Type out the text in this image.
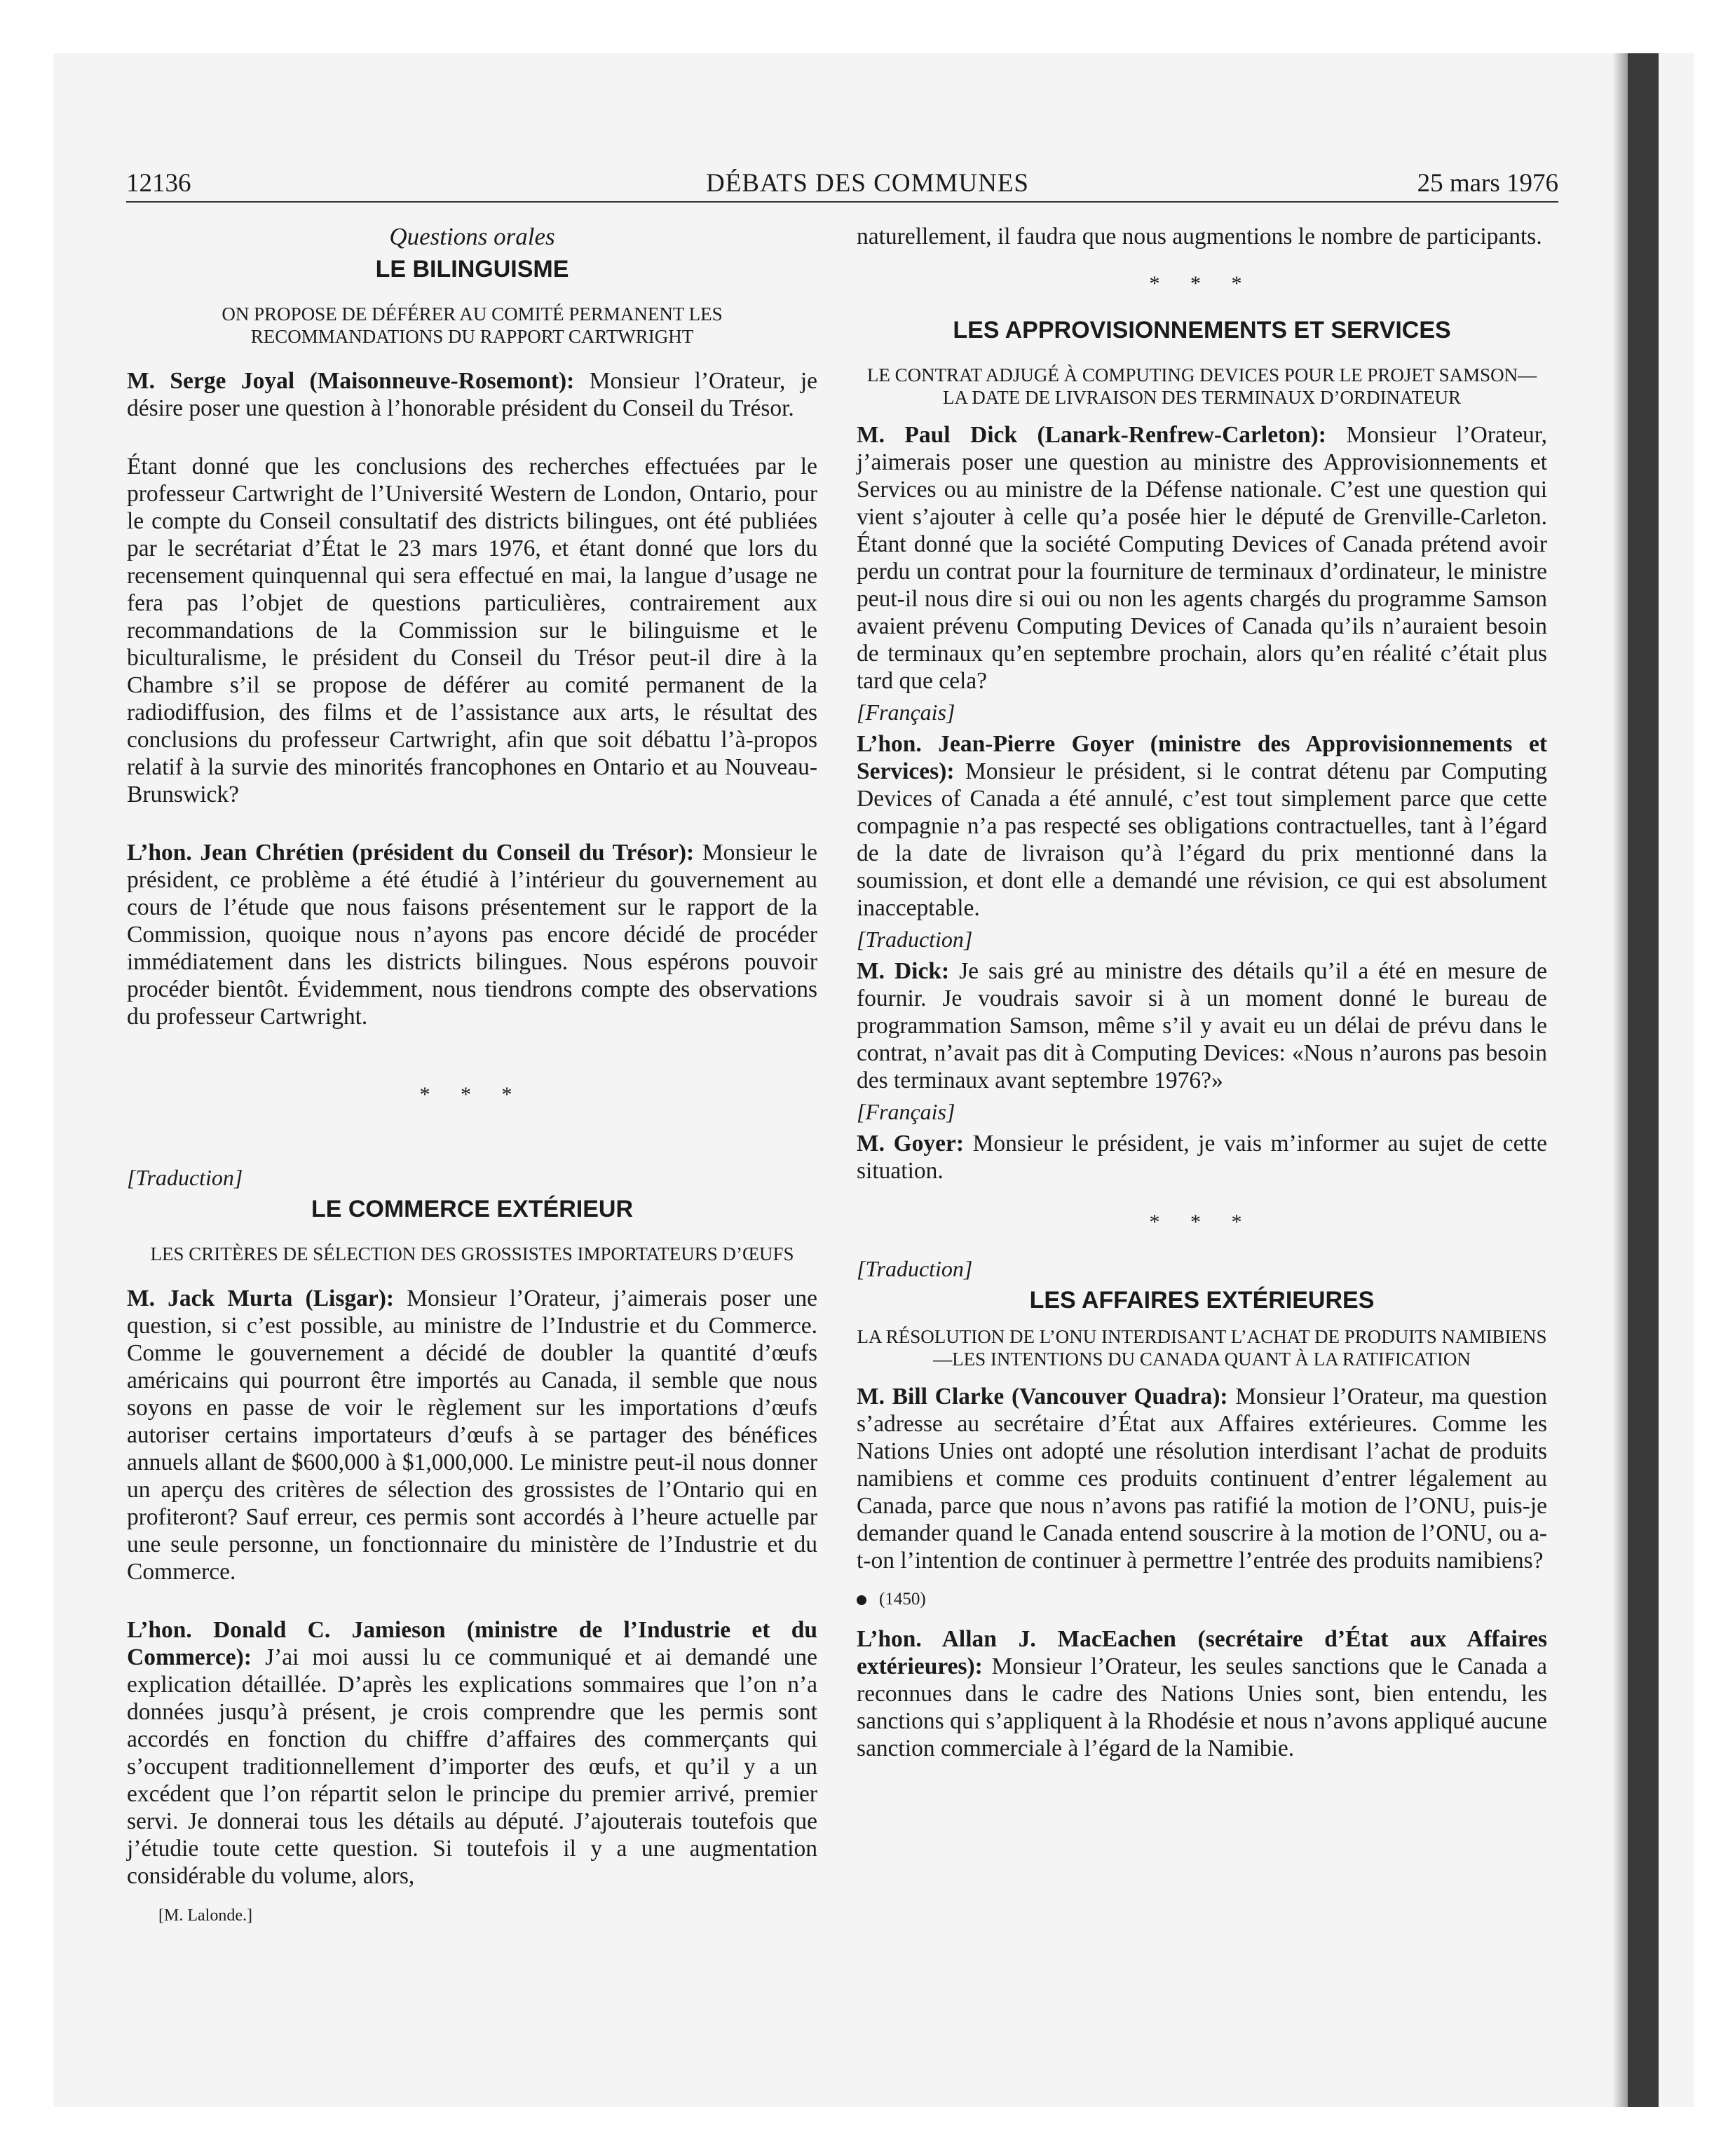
12136	DÉBATS DES COMMUNES	25 mars 1976

Questions orales

LE BILINGUISME

ON PROPOSE DE DÉFÉRER AU COMITÉ PERMANENT LES RECOMMANDATIONS DU RAPPORT CARTWRIGHT

M. Serge Joyal (Maisonneuve-Rosemont): Monsieur l’Orateur, je désire poser une question à l’honorable président du Conseil du Trésor.

Étant donné que les conclusions des recherches effectuées par le professeur Cartwright de l’Université Western de London, Ontario, pour le compte du Conseil consultatif des districts bilingues, ont été publiées par le secrétariat d’État le 23 mars 1976, et étant donné que lors du recensement quinquennal qui sera effectué en mai, la langue d’usage ne fera pas l’objet de questions particulières, contrairement aux recommandations de la Commission sur le bilinguisme et le biculturalisme, le président du Conseil du Trésor peut-il dire à la Chambre s’il se propose de déférer au comité permanent de la radiodiffusion, des films et de l’assistance aux arts, le résultat des conclusions du professeur Cartwright, afin que soit débattu l’à-propos relatif à la survie des minorités francophones en Ontario et au Nouveau-Brunswick?

L’hon. Jean Chrétien (président du Conseil du Trésor): Monsieur le président, ce problème a été étudié à l’intérieur du gouvernement au cours de l’étude que nous faisons présentement sur le rapport de la Commission, quoique nous n’ayons pas encore décidé de procéder immédiatement dans les districts bilingues. Nous espérons pouvoir procéder bientôt. Évidemment, nous tiendrons compte des observations du professeur Cartwright.

* * *

[Traduction]

LE COMMERCE EXTÉRIEUR

LES CRITÈRES DE SÉLECTION DES GROSSISTES IMPORTATEURS D’ŒUFS

M. Jack Murta (Lisgar): Monsieur l’Orateur, j’aimerais poser une question, si c’est possible, au ministre de l’Industrie et du Commerce. Comme le gouvernement a décidé de doubler la quantité d’œufs américains qui pourront être importés au Canada, il semble que nous soyons en passe de voir le règlement sur les importations d’œufs autoriser certains importateurs d’œufs à se partager des bénéfices annuels allant de $600,000 à $1,000,000. Le ministre peut-il nous donner un aperçu des critères de sélection des grossistes de l’Ontario qui en profiteront? Sauf erreur, ces permis sont accordés à l’heure actuelle par une seule personne, un fonctionnaire du ministère de l’Industrie et du Commerce.

L’hon. Donald C. Jamieson (ministre de l’Industrie et du Commerce): J’ai moi aussi lu ce communiqué et ai demandé une explication détaillée. D’après les explications sommaires que l’on n’a données jusqu’à présent, je crois comprendre que les permis sont accordés en fonction du chiffre d’affaires des commerçants qui s’occupent traditionnellement d’importer des œufs, et qu’il y a un excédent que l’on répartit selon le principe du premier arrivé, premier servi. Je donnerai tous les détails au député. J’ajouterais toutefois que j’étudie toute cette question. Si toutefois il y a une augmentation considérable du volume, alors,

[M. Lalonde.]

naturellement, il faudra que nous augmentions le nombre de participants.

* * *

LES APPROVISIONNEMENTS ET SERVICES

LE CONTRAT ADJUGÉ À COMPUTING DEVICES POUR LE PROJET SAMSON—LA DATE DE LIVRAISON DES TERMINAUX D’ORDINATEUR

M. Paul Dick (Lanark-Renfrew-Carleton): Monsieur l’Orateur, j’aimerais poser une question au ministre des Approvisionnements et Services ou au ministre de la Défense nationale. C’est une question qui vient s’ajouter à celle qu’a posée hier le député de Grenville-Carleton. Étant donné que la société Computing Devices of Canada prétend avoir perdu un contrat pour la fourniture de terminaux d’ordinateur, le ministre peut-il nous dire si oui ou non les agents chargés du programme Samson avaient prévenu Computing Devices of Canada qu’ils n’auraient besoin de terminaux qu’en septembre prochain, alors qu’en réalité c’était plus tard que cela?

[Français]

L’hon. Jean-Pierre Goyer (ministre des Approvisionnements et Services): Monsieur le président, si le contrat détenu par Computing Devices of Canada a été annulé, c’est tout simplement parce que cette compagnie n’a pas respecté ses obligations contractuelles, tant à l’égard de la date de livraison qu’à l’égard du prix mentionné dans la soumission, et dont elle a demandé une révision, ce qui est absolument inacceptable.

[Traduction]

M. Dick: Je sais gré au ministre des détails qu’il a été en mesure de fournir. Je voudrais savoir si à un moment donné le bureau de programmation Samson, même s’il y avait eu un délai de prévu dans le contrat, n’avait pas dit à Computing Devices: «Nous n’aurons pas besoin des terminaux avant septembre 1976?»

[Français]

M. Goyer: Monsieur le président, je vais m’informer au sujet de cette situation.

* * *

[Traduction]

LES AFFAIRES EXTÉRIEURES

LA RÉSOLUTION DE L’ONU INTERDISANT L’ACHAT DE PRODUITS NAMIBIENS—LES INTENTIONS DU CANADA QUANT À LA RATIFICATION

M. Bill Clarke (Vancouver Quadra): Monsieur l’Orateur, ma question s’adresse au secrétaire d’État aux Affaires extérieures. Comme les Nations Unies ont adopté une résolution interdisant l’achat de produits namibiens et comme ces produits continuent d’entrer légalement au Canada, parce que nous n’avons pas ratifié la motion de l’ONU, puis-je demander quand le Canada entend souscrire à la motion de l’ONU, ou a-t-on l’intention de continuer à permettre l’entrée des produits namibiens?

(1450)

L’hon. Allan J. MacEachen (secrétaire d’État aux Affaires extérieures): Monsieur l’Orateur, les seules sanctions que le Canada a reconnues dans le cadre des Nations Unies sont, bien entendu, les sanctions qui s’appliquent à la Rhodésie et nous n’avons appliqué aucune sanction commerciale à l’égard de la Namibie.
